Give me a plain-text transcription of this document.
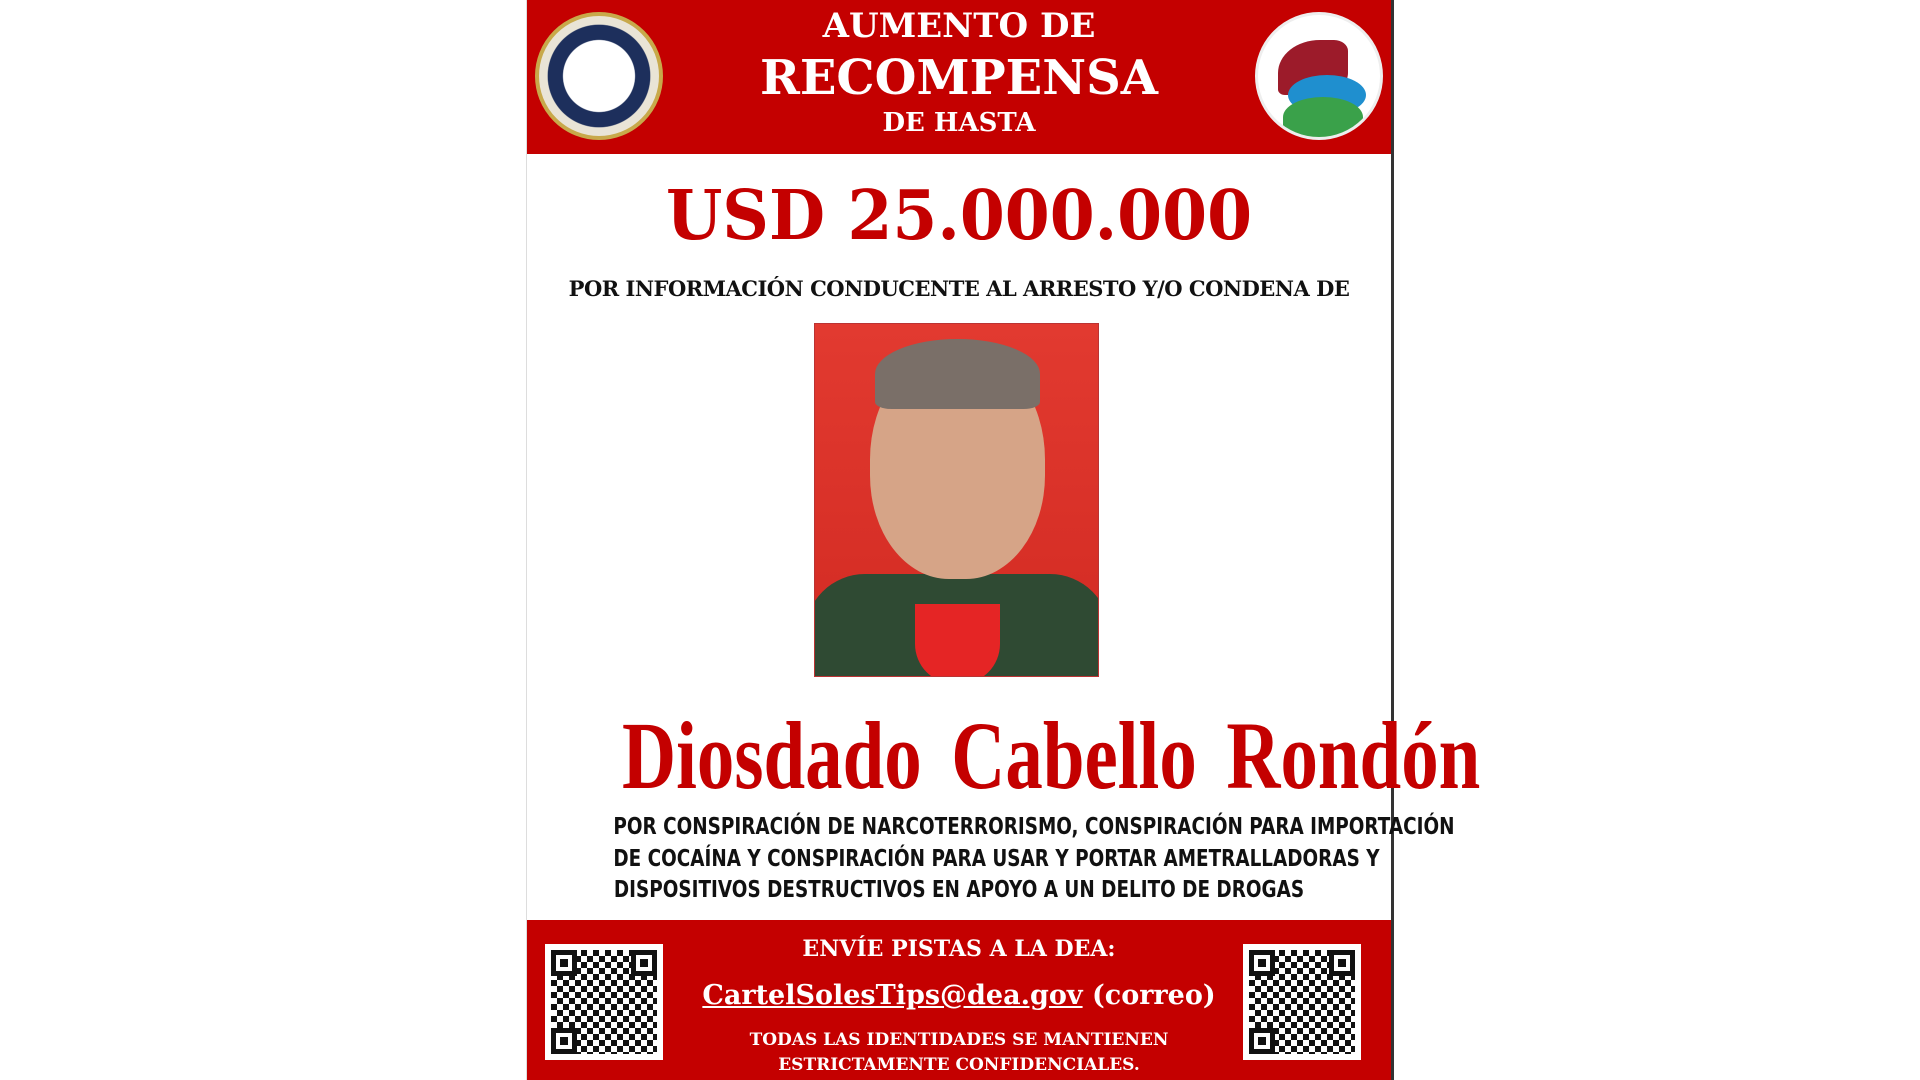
AUMENTO DE
RECOMPENSA
DE HASTA
USD 25.000.000
POR INFORMACIÓN CONDUCENTE AL ARRESTO Y/O CONDENA DE
Diosdado Cabello Rondón
POR CONSPIRACIÓN DE NARCOTERRORISMO, CONSPIRACIÓN PARA IMPORTACIÓN
DE COCAÍNA Y CONSPIRACIÓN PARA USAR Y PORTAR AMETRALLADORAS Y
DISPOSITIVOS DESTRUCTIVOS EN APOYO A UN DELITO DE DROGAS
ENVÍE PISTAS A LA DEA:
CartelSolesTips@dea.gov (correo)
TODAS LAS IDENTIDADES SE MANTIENEN
ESTRICTAMENTE CONFIDENCIALES.
